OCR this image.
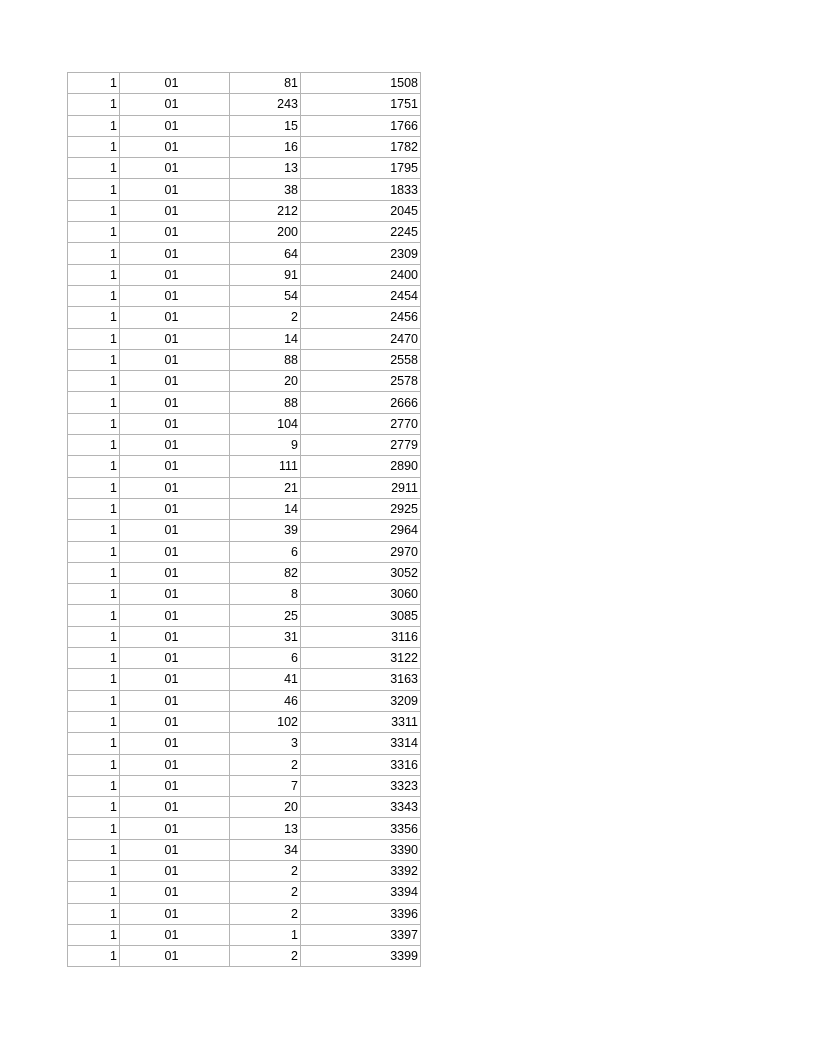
1	01	81	1508
1	01	243	1751
1	01	15	1766
1	01	16	1782
1	01	13	1795
1	01	38	1833
1	01	212	2045
1	01	200	2245
1	01	64	2309
1	01	91	2400
1	01	54	2454
1	01	2	2456
1	01	14	2470
1	01	88	2558
1	01	20	2578
1	01	88	2666
1	01	104	2770
1	01	9	2779
1	01	111	2890
1	01	21	2911
1	01	14	2925
1	01	39	2964
1	01	6	2970
1	01	82	3052
1	01	8	3060
1	01	25	3085
1	01	31	3116
1	01	6	3122
1	01	41	3163
1	01	46	3209
1	01	102	3311
1	01	3	3314
1	01	2	3316
1	01	7	3323
1	01	20	3343
1	01	13	3356
1	01	34	3390
1	01	2	3392
1	01	2	3394
1	01	2	3396
1	01	1	3397
1	01	2	3399
